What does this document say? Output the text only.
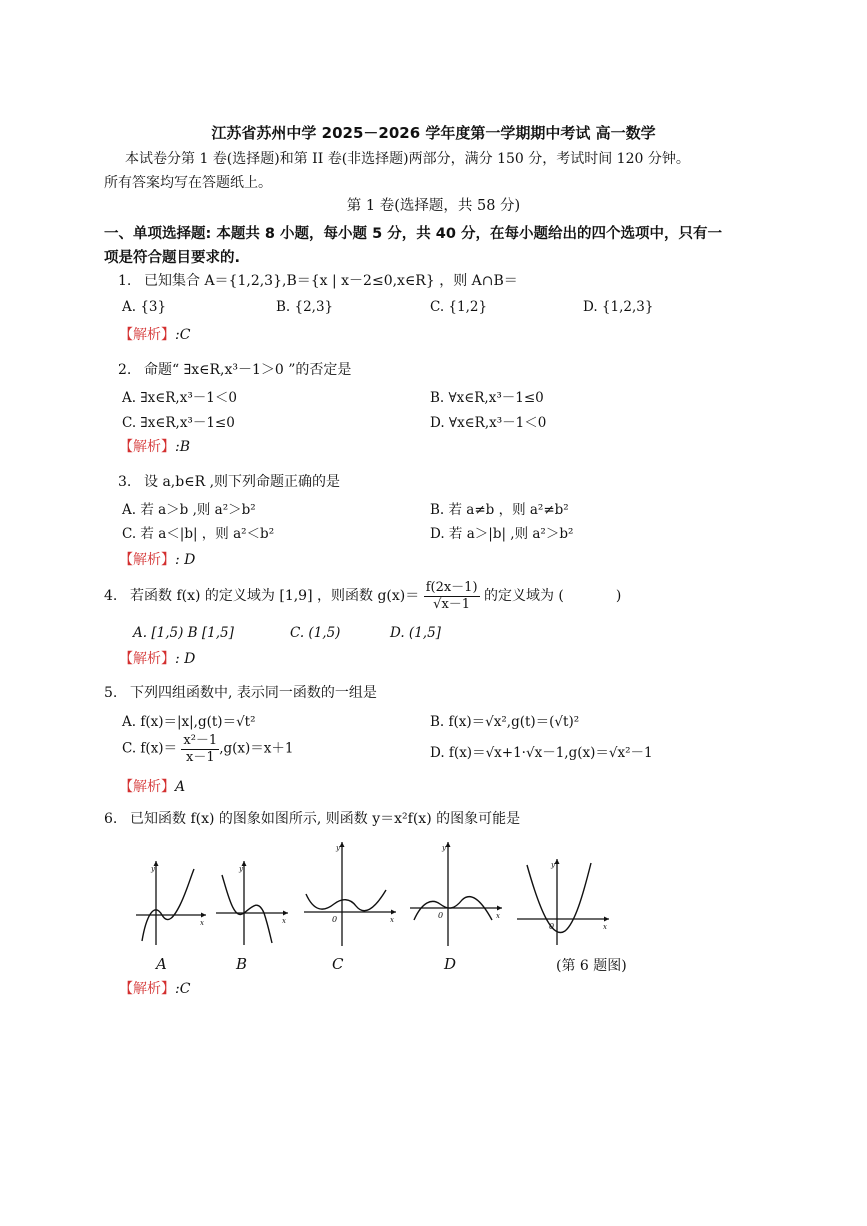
江苏省苏州中学 2025－2026 学年度第一学期期中考试 高一数学
本试卷分第 1 卷(选择题)和第 II 卷(非选择题)两部分，满分 150 分，考试时间 120 分钟。
所有答案均写在答题纸上。
第 1 卷(选择题，共 58 分)
一、单项选择题: 本题共 8 小题，每小题 5 分，共 40 分，在每小题给出的四个选项中，只有一
项是符合题目要求的.
1. 已知集合 A＝{1,2,3},B＝{x | x－2≤0,x∈R} ，则 A∩B＝
A. {3}	B. {2,3}	C. {1,2}	D. {1,2,3}
【解析】:C
2. 命题“ ∃x∈R,x³－1＞0 ”的否定是
A. ∃x∈R,x³－1＜0	B. ∀x∈R,x³－1≤0
C. ∃x∈R,x³－1≤0	D. ∀x∈R,x³－1＜0
【解析】:B
3. 设 a,b∈R ,则下列命题正确的是
A. 若 a＞b ,则 a²＞b²	B. 若 a≠b ，则 a²≠b²
C. 若 a＜|b| ，则 a²＜b²	D. 若 a＞|b| ,则 a²＞b²
【解析】: D
4. 若函数 f(x) 的定义域为 [1,9] ，则函数 $g(x)= \frac{f(2x-1)}{√x-1}$ 的定义域为 (	)
A. [1,5) B [1,5]	C. (1,5)	D. (1,5]
【解析】: D
5. 下列四组函数中, 表示同一函数的一组是
A. f(x)＝|x|,g(t)＝√t²	B. f(x)＝√x²,g(t)＝(√t)²
C. $f(x)= \frac{\text{x²－1}}{x-1} ,g(x)=x+1$	D. f(x)＝√x+1·√x－1,g(x)＝√x²－1
【解析】A
6. 已知函数 f(x) 的图象如图所示, 则函数 y＝x²f(x) 的图象可能是
y
x
y
x
y
x
0
y
x
0
y
x
0
A	B	C	D	(第 6 题图)
【解析】:C
